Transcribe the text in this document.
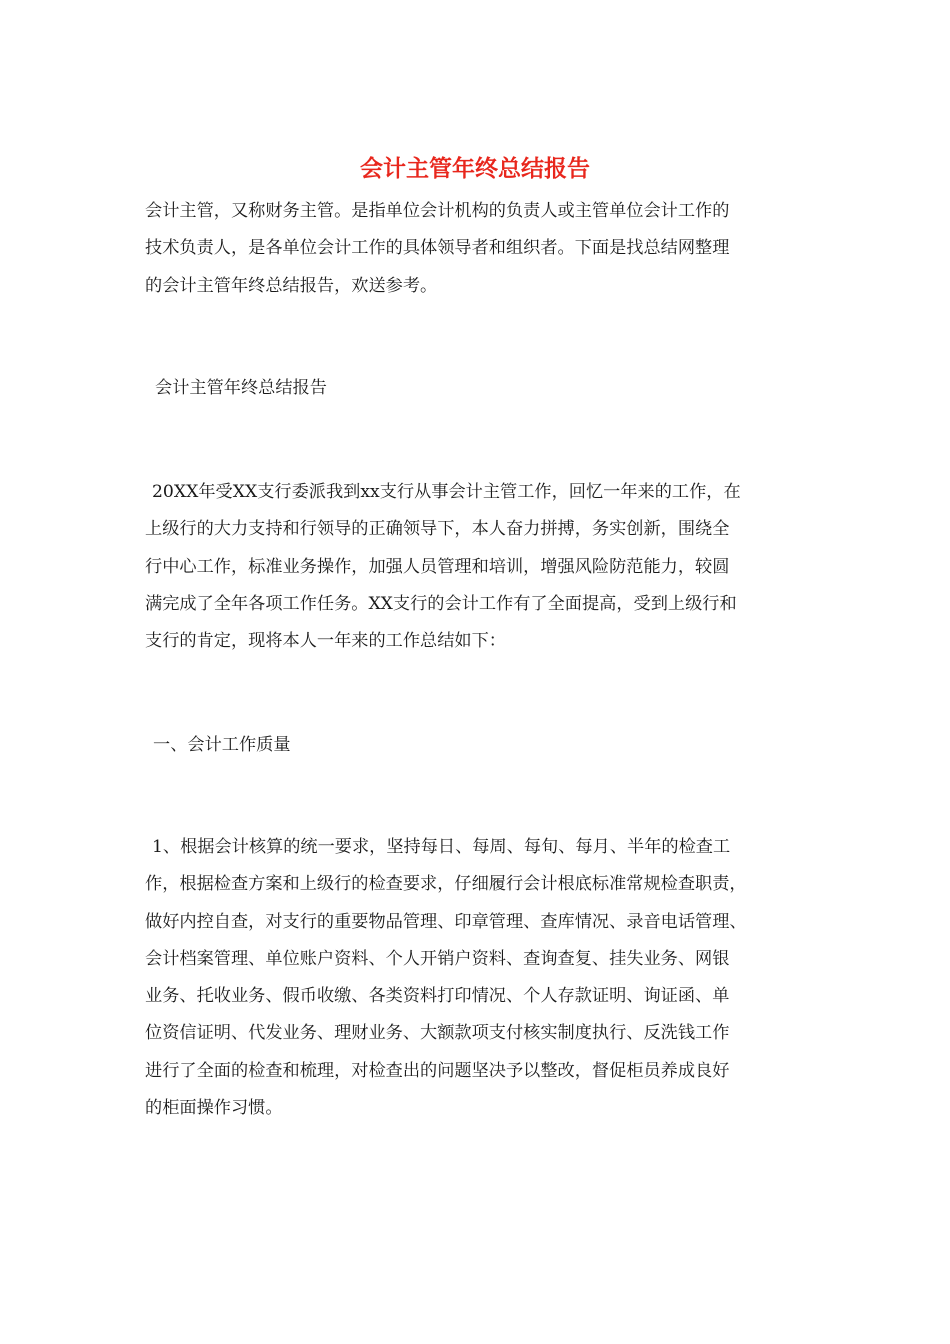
会计主管年终总结报告
会计主管，又称财务主管。是指单位会计机构的负责人或主管单位会计工作的
技术负责人，是各单位会计工作的具体领导者和组织者。下面是找总结网整理
的会计主管年终总结报告，欢送参考。
会计主管年终总结报告
20XX年受XX支行委派我到xx支行从事会计主管工作，回忆一年来的工作，在
上级行的大力支持和行领导的正确领导下，本人奋力拼搏，务实创新，围绕全
行中心工作，标准业务操作，加强人员管理和培训，增强风险防范能力，较圆
满完成了全年各项工作任务。XX支行的会计工作有了全面提高，受到上级行和
支行的肯定，现将本人一年来的工作总结如下：
一、会计工作质量
1、根据会计核算的统一要求，坚持每日、每周、每旬、每月、半年的检查工
作，根据检查方案和上级行的检查要求，仔细履行会计根底标准常规检查职责，
做好内控自查，对支行的重要物品管理、印章管理、查库情况、录音电话管理、
会计档案管理、单位账户资料、个人开销户资料、查询查复、挂失业务、网银
业务、托收业务、假币收缴、各类资料打印情况、个人存款证明、询证函、单
位资信证明、代发业务、理财业务、大额款项支付核实制度执行、反洗钱工作
进行了全面的检查和梳理，对检查出的问题坚决予以整改，督促柜员养成良好
的柜面操作习惯。
